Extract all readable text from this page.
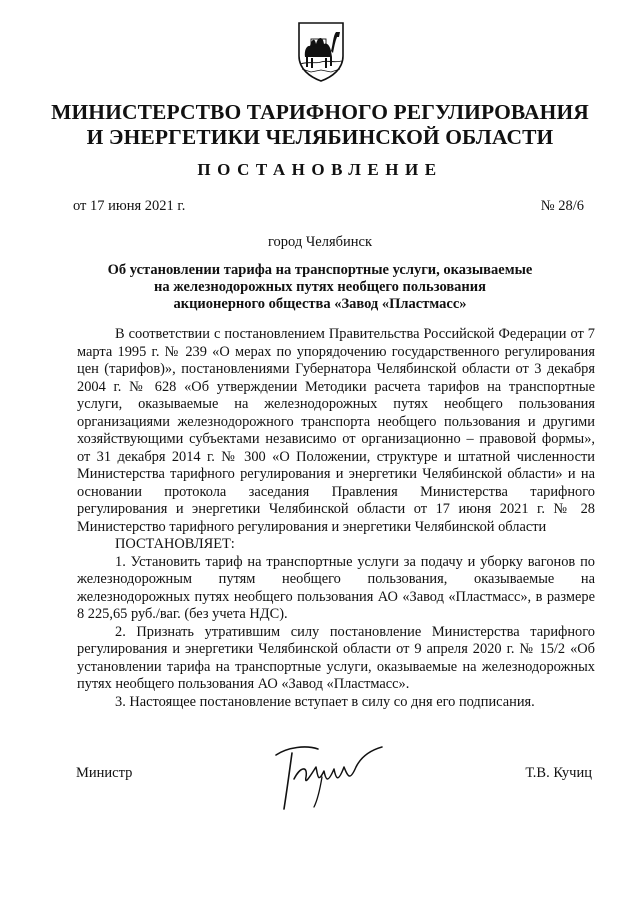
МИНИСТЕРСТВО ТАРИФНОГО РЕГУЛИРОВАНИЯ
И ЭНЕРГЕТИКИ ЧЕЛЯБИНСКОЙ ОБЛАСТИ
ПОСТАНОВЛЕНИЕ
от 17 июня 2021 г.	№ 28/6
город Челябинск
Об установлении тарифа на транспортные услуги, оказываемые
на железнодорожных путях необщего пользования
акционерного общества «Завод «Пластмасс»

В соответствии с постановлением Правительства Российской Федерации от 7 марта 1995 г. № 239 «О мерах по упорядочению государственного регулирования цен (тарифов)», постановлениями Губернатора Челябинской области от 3 декабря 2004 г. № 628 «Об утверждении Методики расчета тарифов на транспортные услуги, оказываемые на железнодорожных путях необщего пользования организациями железнодорожного транспорта необщего пользования и другими хозяйствующими субъектами независимо от организационно – правовой формы», от 31 декабря 2014 г. № 300 «О Положении, структуре и штатной численности Министерства тарифного регулирования и энергетики Челябинской области» и на основании протокола заседания Правления Министерства тарифного регулирования и энергетики Челябинской области от 17 июня 2021 г. № 28 Министерство тарифного регулирования и энергетики Челябинской области

ПОСТАНОВЛЯЕТ:

1. Установить тариф на транспортные услуги за подачу и уборку вагонов по железнодорожным путям необщего пользования, оказываемые на железнодорожных путях необщего пользования АО «Завод «Пластмасс», в размере 8 225,65 руб./ваг. (без учета НДС).

2. Признать утратившим силу постановление Министерства тарифного регулирования и энергетики Челябинской области от 9 апреля 2020 г. № 15/2 «Об установлении тарифа на транспортные услуги, оказываемые на железнодорожных путях необщего пользования АО «Завод «Пластмасс».

3. Настоящее постановление вступает в силу со дня его подписания.

Министр	Т.В. Кучиц
